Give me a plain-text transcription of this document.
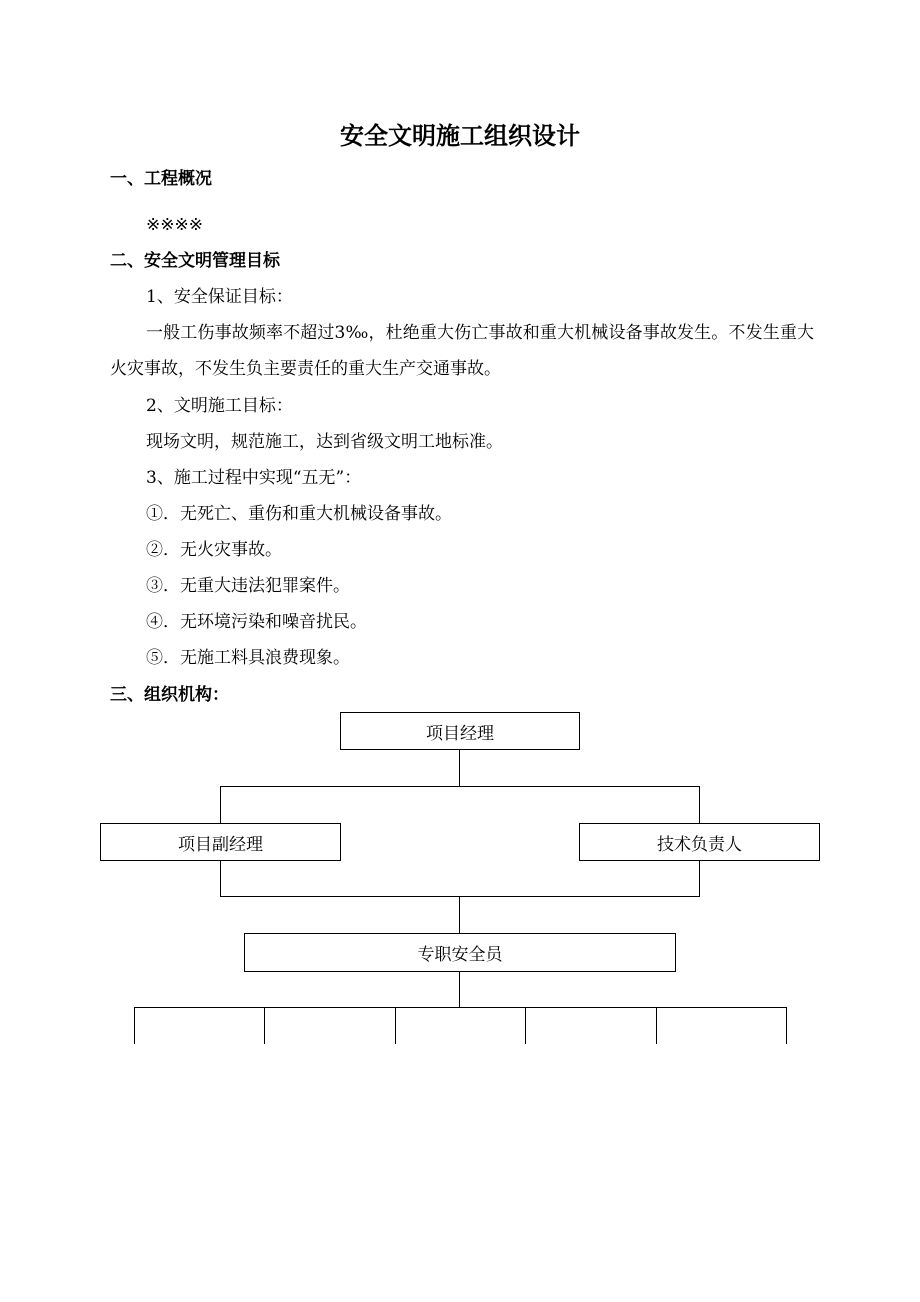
安全文明施工组织设计
一、工程概况
※※※※
二、安全文明管理目标
1、安全保证目标：

一般工伤事故频率不超过3‰，杜绝重大伤亡事故和重大机械设备事故发生。不发生重大火灾事故，不发生负主要责任的重大生产交通事故。

2、文明施工目标：
现场文明，规范施工，达到省级文明工地标准。
3、施工过程中实现“五无”：
①．无死亡、重伤和重大机械设备事故。
②．无火灾事故。
③．无重大违法犯罪案件。
④．无环境污染和噪音扰民。
⑤．无施工料具浪费现象。
三、组织机构：
项目经理
项目副经理	技术负责人
专职安全员
